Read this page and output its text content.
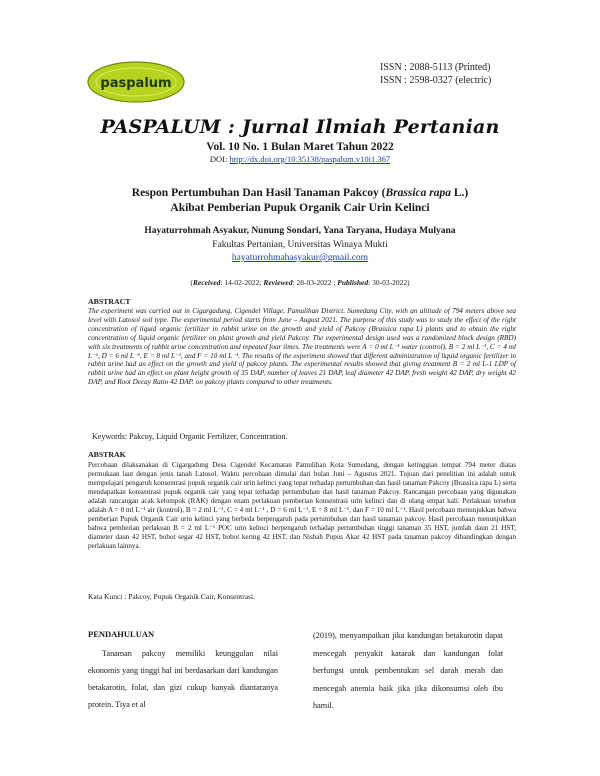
paspalum
ISSN : 2088-5113 (Printed)
ISSN : 2598-0327 (electric)
PASPALUM : Jurnal Ilmiah Pertanian
Vol. 10 No. 1 Bulan Maret Tahun 2022
DOI: http://dx.doi.org/10.35138/paspalum.v10i1.367
Respon Pertumbuhan Dan Hasil Tanaman Pakcoy (Brassica rapa L.)
Akibat Pemberian Pupuk Organik Cair Urin Kelinci
Hayaturrohmah Asyakur, Nunung Sondari, Yana Taryana, Hudaya Mulyana
Fakultas Pertanian, Universitas Winaya Mukti
hayaturrohmahasyakur@gmail.com
(Received: 14-02-2022; Reviewed: 28-03-2022 ; Published: 30-03-2022)
ABSTRACT
The experiment was carried out in Cigargadung, Cigendel Village, Pamulihan District, Sumedang City, with an altitude of 794 meters above sea level with Latosol soil type. The experimental period starts from June – August 2021. The purpose of this study was to study the effect of the right concentration of liquid organic fertilizer in rabbit urine on the growth and yield of Pakcoy (Brassica rapa L) plants and to obtain the right concentration of liquid organic fertilizer on plant growth and yield Pakcoy. The experimental design used was a randomized block design (RBD) with six treatments of rabbit urine concentration and repeated four times. The treatments were A = 0 ml L⁻¹ water (control), B = 2 ml L⁻¹, C = 4 ml L⁻¹, D = 6 ml L⁻¹, E = 8 ml L⁻¹, and F = 10 ml L⁻¹. The results of the experiment showed that different administration of liquid organic fertilizer in rabbit urine had an effect on the growth and yield of pakcoy plants. The experimental results showed that giving treatment B = 2 ml L-1 LDP of rabbit urine had an effect on plant height growth of 35 DAP, number of leaves 21 DAP, leaf diameter 42 DAP, fresh weight 42 DAP, dry weight 42 DAP, and Root Decay Ratio 42 DAP. on pakcoy plants compared to other treatments.
Keywords: Pakcoy, Liquid Organic Fertilizer, Concentration.
ABSTRAK
Percobaan dilaksanakan di Cigargadung Desa Cigendel Kecamatan Pamulihan Kota Sumedang, dengan ketinggian tempat 794 meter diatas permukaan laut dengan jenis tanah Latosol. Waktu percobaan dimulai dari bulan Juni – Agustus 2021. Tujuan dari penelitian ini adalah untuk mempelajari pengaruh konsentrasi pupuk organik cair urin kelinci yang tepat terhadap pertumbuhan dan hasil tanaman Pakcoy (Brassica rapa L) serta mendapatkan konsentrasi pupuk organik cair yang tepat terhadap pertumbuhan dan hasil tanaman Pakcoy. Rancangan percobaan yang digunakan adalah rancangan acak kelompok (RAK) dengan enam perlakuan pemberian konsentrasi urin kelinci dan di ulang empat kali. Perlakuan tersebut adalah A = 0 ml L⁻¹ air (kontrol), B = 2 ml L⁻¹, C = 4 ml L⁻¹ , D = 6 ml L⁻¹, E = 8 ml L⁻¹, dan F = 10 ml L⁻¹. Hasil percobaan menunjukkan bahwa pemberian Pupuk Organik Cair urin kelinci yang berbeda berpengaruh pada pertumbuhan dan hasil tanaman pakcoy. Hasil percobaan menunjukkan bahwa pemberian perlakuan B = 2 ml L⁻¹ POC urin kelinci berpengaruh terhadap pertumbuhan tinggi tanaman 35 HST, jumlah daun 21 HST, diameter daun 42 HST, bobot segar 42 HST, bobot kering 42 HST, dan Nisbah Pupus Akar 42 HST pada tanaman pakcoy dibandingkan dengan perlakuan lainnya.
Kata Kunci : Pakcoy, Pupuk Organik Cair, Konsentrasi.
PENDAHULUAN
Tanaman pakcoy memiliki keunggulan nilai ekonomis yang tinggi hal ini berdasarkan dari kandungan betakarotin, folat, dan gizi cukup banyak diantaranya protein. Tiya et al
(2019), menyampaikan jika kandungan betakarotin dapat mencegah penyakit katarak dan kandungan folat berfungsi untuk pembentukan sel darah merah dan mencegah anemia baik jika jika dikonsumsi oleh ibu hamil.
